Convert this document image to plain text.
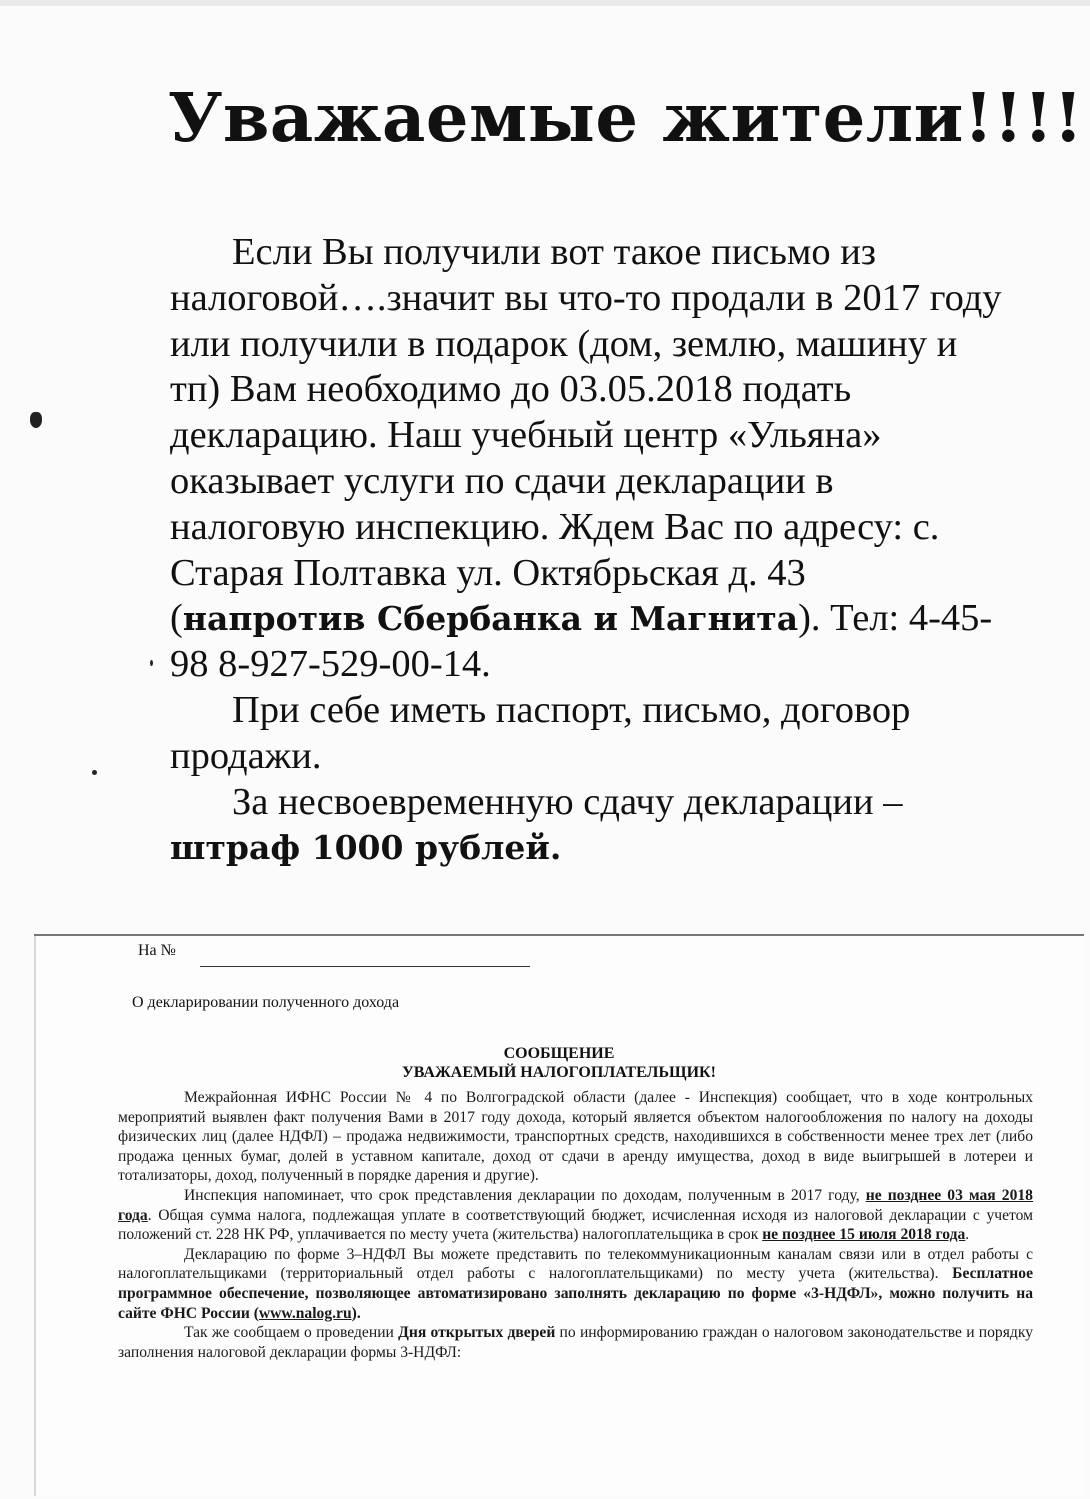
Уважаемые жители!!!!

Если Вы получили вот такое письмо из налоговой….значит вы что-то продали в 2017 году или получили в подарок (дом, землю, машину и тп) Вам необходимо до 03.05.2018 подать декларацию. Наш учебный центр «Ульяна» оказывает услуги по сдачи декларации в налоговую инспекцию. Ждем Вас по адресу: с. Старая Полтавка ул. Октябрьская д. 43 (напротив Сбербанка и Магнита). Тел: 4-45-98 8-927-529-00-14.

При себе иметь паспорт, письмо, договор продажи.

За несвоевременную сдачу декларации – штраф 1000 рублей.

На №
О декларировании полученного дохода
СООБЩЕНИЕ
УВАЖАЕМЫЙ НАЛОГОПЛАТЕЛЬЩИК!

Межрайонная ИФНС России № 4 по Волгоградской области (далее - Инспекция) сообщает, что в ходе контрольных мероприятий выявлен факт получения Вами в 2017 году дохода, который является объектом налогообложения по налогу на доходы физических лиц (далее НДФЛ) – продажа недвижимости, транспортных средств, находившихся в собственности менее трех лет (либо продажа ценных бумаг, долей в уставном капитале, доход от сдачи в аренду имущества, доход в виде выигрышей в лотереи и тотализаторы, доход, полученный в порядке дарения и другие).

Инспекция напоминает, что срок представления декларации по доходам, полученным в 2017 году, не позднее 03 мая 2018 года. Общая сумма налога, подлежащая уплате в соответствующий бюджет, исчисленная исходя из налоговой декларации с учетом положений ст. 228 НК РФ, уплачивается по месту учета (жительства) налогоплательщика в срок не позднее 15 июля 2018 года.

Декларацию по форме 3–НДФЛ Вы можете представить по телекоммуникационным каналам связи или в отдел работы с налогоплательщиками (территориальный отдел работы с налогоплательщиками) по месту учета (жительства). Бесплатное программное обеспечение, позволяющее автоматизировано заполнять декларацию по форме «3-НДФЛ», можно получить на сайте ФНС России (www.nalog.ru).

Так же сообщаем о проведении Дня открытых дверей по информированию граждан о налоговом законодательстве и порядку заполнения налоговой декларации формы 3-НДФЛ:
